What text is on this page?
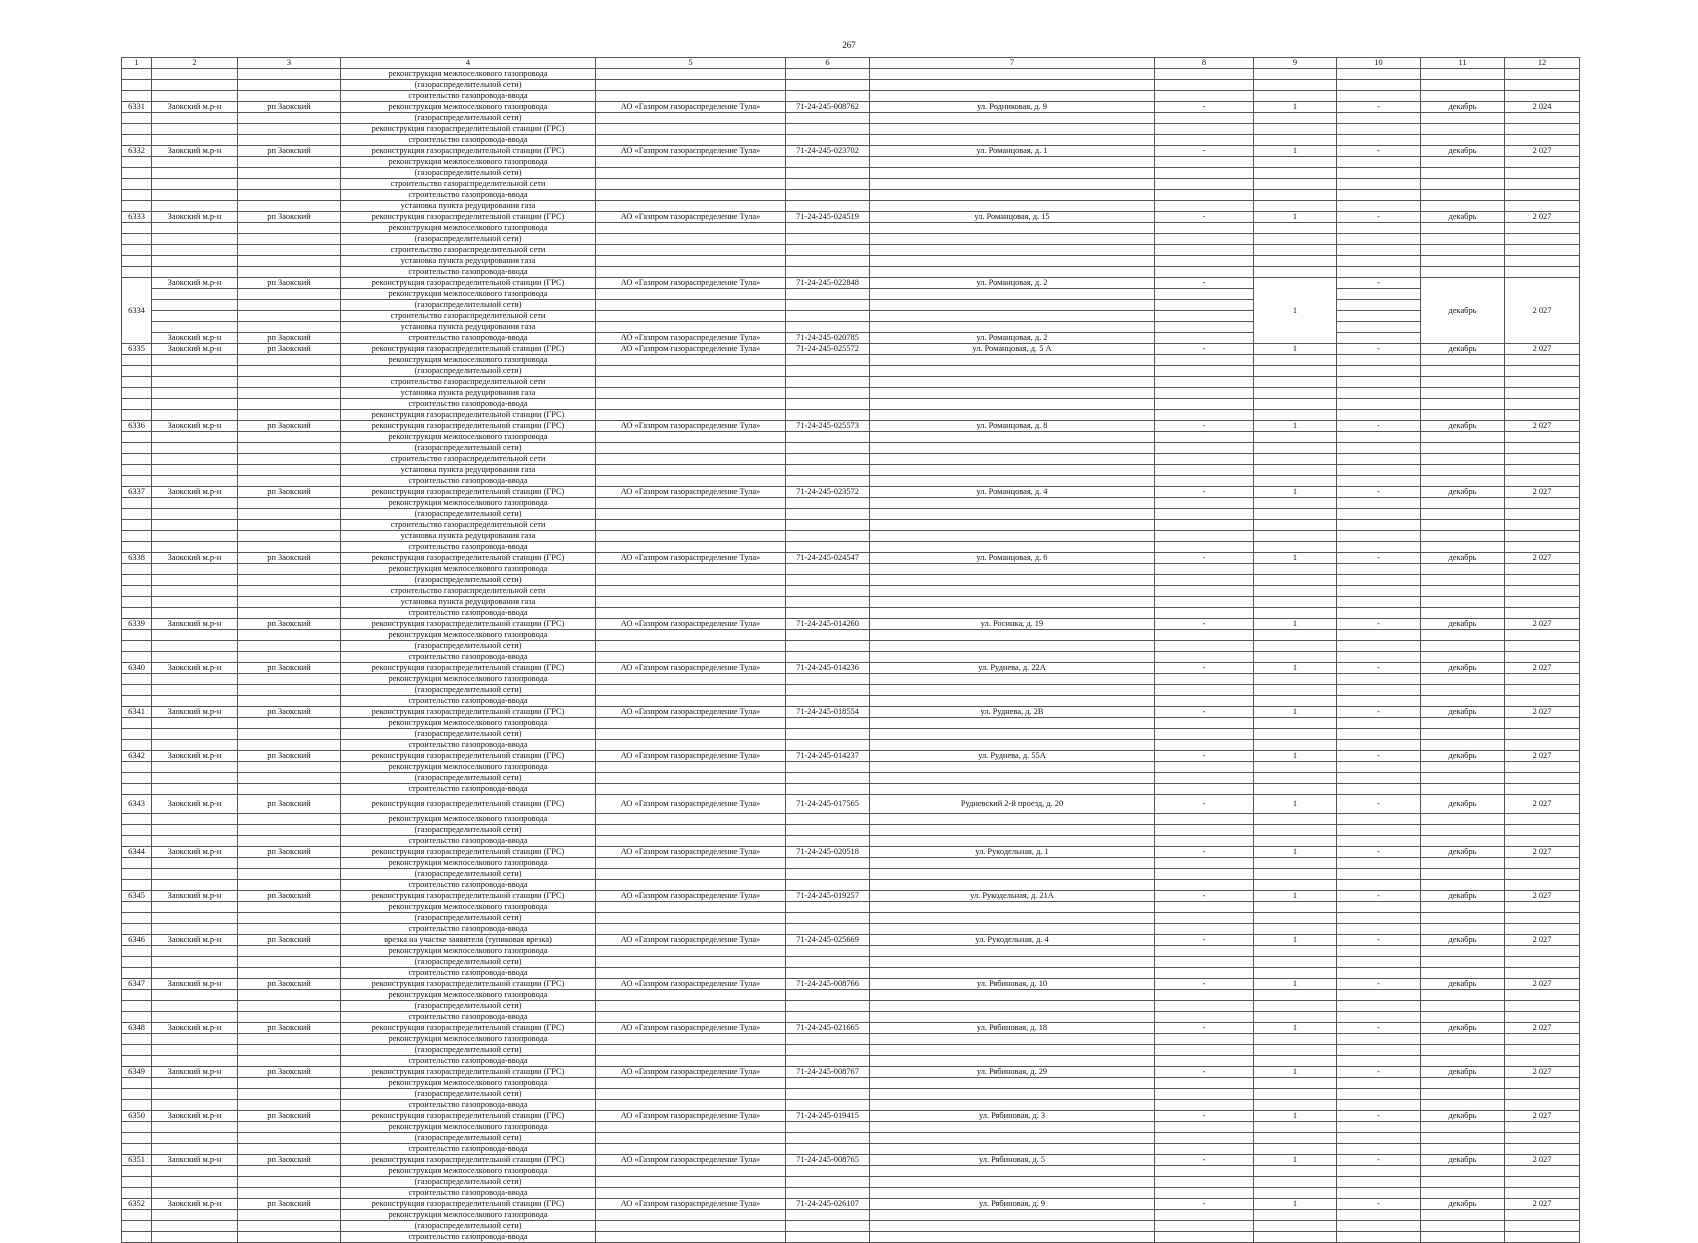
267
1	2	3	4	5	6	7	8	9	10	11	12
			реконструкция межпоселкового газопровода								
			(газораспределительной сети)								
			строительство газопровода-ввода								
6331	Заокский м.р-н	рп Заокский	реконструкция межпоселкового газопровода	АО «Газпром газораспределение Тула»	71-24-245-008762	ул. Родниковая, д. 9	-	1	-	декабрь	2 024
			(газораспределительной сети)								
			реконструкция газораспределительной станции (ГРС)								
			строительство газопровода-ввода								
6332	Заокский м.р-н	рп Заокский	реконструкция газораспределительной станции (ГРС)	АО «Газпром газораспределение Тула»	71-24-245-023702	ул. Романцовая, д. 1	-	1	-	декабрь	2 027
			реконструкция межпоселкового газопровода								
			(газораспределительной сети)								
			строительство газораспределительной сети								
			строительство газопровода-ввода								
			установка пункта редуцирования газа								
6333	Заокский м.р-н	рп Заокский	реконструкция газораспределительной станции (ГРС)	АО «Газпром газораспределение Тула»	71-24-245-024519	ул. Романцовая, д. 15	-	1	-	декабрь	2 027
			реконструкция межпоселкового газопровода								
			(газораспределительной сети)								
			строительство газораспределительной сети								
			установка пункта редуцирования газа								
			строительство газопровода-ввода								
6334	Заокский м.р-н	рп Заокский	реконструкция газораспределительной станции (ГРС)	АО «Газпром газораспределение Тула»	71-24-245-022848	ул. Романцовая, д. 2	-	1	-	декабрь	2 027
			реконструкция межпоселкового газопровода								
			(газораспределительной сети)								
			строительство газораспределительной сети								
			установка пункта редуцирования газа								
	Заокский м.р-н	рп Заокский	строительство газопровода-ввода	АО «Газпром газораспределение Тула»	71-24-245-020785	ул. Романцовая, д. 2					
6335	Заокский м.р-н	рп Заокский	реконструкция газораспределительной станции (ГРС)	АО «Газпром газораспределение Тула»	71-24-245-025572	ул. Романцовая, д. 5 А	-	1	-	декабрь	2 027
			реконструкция межпоселкового газопровода								
			(газораспределительной сети)								
			строительство газораспределительной сети								
			установка пункта редуцирования газа								
			строительство газопровода-ввода								
			реконструкция газораспределительной станции (ГРС)								
6336	Заокский м.р-н	рп Заокский	реконструкция газораспределительной станции (ГРС)	АО «Газпром газораспределение Тула»	71-24-245-025573	ул. Романцовая, д. 8	-	1	-	декабрь	2 027
			реконструкция межпоселкового газопровода								
			(газораспределительной сети)								
			строительство газораспределительной сети								
			установка пункта редуцирования газа								
			строительство газопровода-ввода								
6337	Заокский м.р-н	рп Заокский	реконструкция газораспределительной станции (ГРС)	АО «Газпром газораспределение Тула»	71-24-245-023572	ул. Романцовая, д. 4	-	1	-	декабрь	2 027
			реконструкция межпоселкового газопровода								
			(газораспределительной сети)								
			строительство газораспределительной сети								
			установка пункта редуцирования газа								
			строительство газопровода-ввода								
6338	Заокский м.р-н	рп Заокский	реконструкция газораспределительной станции (ГРС)	АО «Газпром газораспределение Тула»	71-24-245-024547	ул. Романцовая, д. 6	-	1	-	декабрь	2 027
			реконструкция межпоселкового газопровода								
			(газораспределительной сети)								
			строительство газораспределительной сети								
			установка пункта редуцирования газа								
			строительство газопровода-ввода								
6339	Заокский м.р-н	рп Заокский	реконструкция газораспределительной станции (ГРС)	АО «Газпром газораспределение Тула»	71-24-245-014260	ул. Росинка, д. 19	-	1	-	декабрь	2 027
			реконструкция межпоселкового газопровода								
			(газораспределительной сети)								
			строительство газопровода-ввода								
6340	Заокский м.р-н	рп Заокский	реконструкция газораспределительной станции (ГРС)	АО «Газпром газораспределение Тула»	71-24-245-014236	ул. Руднева, д. 22А	-	1	-	декабрь	2 027
			реконструкция межпоселкового газопровода								
			(газораспределительной сети)								
			строительство газопровода-ввода								
6341	Заокский м.р-н	рп Заокский	реконструкция газораспределительной станции (ГРС)	АО «Газпром газораспределение Тула»	71-24-245-018554	ул. Руднева, д. 2В	-	1	-	декабрь	2 027
			реконструкция межпоселкового газопровода								
			(газораспределительной сети)								
			строительство газопровода-ввода								
6342	Заокский м.р-н	рп Заокский	реконструкция газораспределительной станции (ГРС)	АО «Газпром газораспределение Тула»	71-24-245-014237	ул. Руднева, д. 55А	-	1	-	декабрь	2 027
			реконструкция межпоселкового газопровода								
			(газораспределительной сети)								
			строительство газопровода-ввода								
6343	Заокский м.р-н	рп Заокский	реконструкция газораспределительной станции (ГРС)	АО «Газпром газораспределение Тула»	71-24-245-017565	Рудневский 2-й проезд, д. 20	-	1	-	декабрь	2 027
			реконструкция межпоселкового газопровода								
			(газораспределительной сети)								
			строительство газопровода-ввода								
6344	Заокский м.р-н	рп Заокский	реконструкция газораспределительной станции (ГРС)	АО «Газпром газораспределение Тула»	71-24-245-020518	ул. Рукодельная, д. 1	-	1	-	декабрь	2 027
			реконструкция межпоселкового газопровода								
			(газораспределительной сети)								
			строительство газопровода-ввода								
6345	Заокский м.р-н	рп Заокский	реконструкция газораспределительной станции (ГРС)	АО «Газпром газораспределение Тула»	71-24-245-019257	ул. Рукодельная, д. 21А	-	1	-	декабрь	2 027
			реконструкция межпоселкового газопровода								
			(газораспределительной сети)								
			строительство газопровода-ввода								
6346	Заокский м.р-н	рп Заокский	врезка на участке заявителя (тупиковая врезка)	АО «Газпром газораспределение Тула»	71-24-245-025669	ул. Рукодельная, д. 4	-	1	-	декабрь	2 027
			реконструкция межпоселкового газопровода								
			(газораспределительной сети)								
			строительство газопровода-ввода								
6347	Заокский м.р-н	рп Заокский	реконструкция газораспределительной станции (ГРС)	АО «Газпром газораспределение Тула»	71-24-245-008766	ул. Рябиновая, д. 10	-	1	-	декабрь	2 027
			реконструкция межпоселкового газопровода								
			(газораспределительной сети)								
			строительство газопровода-ввода								
6348	Заокский м.р-н	рп Заокский	реконструкция газораспределительной станции (ГРС)	АО «Газпром газораспределение Тула»	71-24-245-021665	ул. Рябиновая, д. 18	-	1	-	декабрь	2 027
			реконструкция межпоселкового газопровода								
			(газораспределительной сети)								
			строительство газопровода-ввода								
6349	Заокский м.р-н	рп Заокский	реконструкция газораспределительной станции (ГРС)	АО «Газпром газораспределение Тула»	71-24-245-008767	ул. Рябиновая, д. 29	-	1	-	декабрь	2 027
			реконструкция межпоселкового газопровода								
			(газораспределительной сети)								
			строительство газопровода-ввода								
6350	Заокский м.р-н	рп Заокский	реконструкция газораспределительной станции (ГРС)	АО «Газпром газораспределение Тула»	71-24-245-019415	ул. Рябиновая, д. 3	-	1	-	декабрь	2 027
			реконструкция межпоселкового газопровода								
			(газораспределительной сети)								
			строительство газопровода-ввода								
6351	Заокский м.р-н	рп Заокский	реконструкция газораспределительной станции (ГРС)	АО «Газпром газораспределение Тула»	71-24-245-008765	ул. Рябиновая, д. 5	-	1	-	декабрь	2 027
			реконструкция межпоселкового газопровода								
			(газораспределительной сети)								
			строительство газопровода-ввода								
6352	Заокский м.р-н	рп Заокский	реконструкция газораспределительной станции (ГРС)	АО «Газпром газораспределение Тула»	71-24-245-026107	ул. Рябиновая, д. 9	-	1	-	декабрь	2 027
			реконструкция межпоселкового газопровода								
			(газораспределительной сети)								
			строительство газопровода-ввода								
